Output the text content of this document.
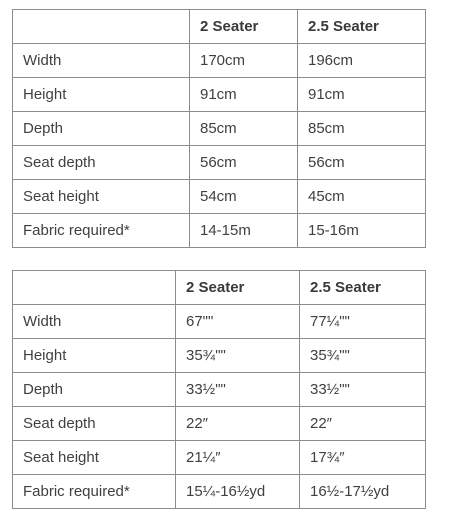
	2 Seater	2.5 Seater
Width	170cm	196cm
Height	91cm	91cm
Depth	85cm	85cm
Seat depth	56cm	56cm
Seat height	54cm	45cm
Fabric required*	14-15m	15-16m
	2 Seater	2.5 Seater
Width	67""	77¼""
Height	35¾""	35¾""
Depth	33½""	33½""
Seat depth	22″	22″
Seat height	21¼″	17¾″
Fabric required*	15¼-16½yd	16½-17½yd
